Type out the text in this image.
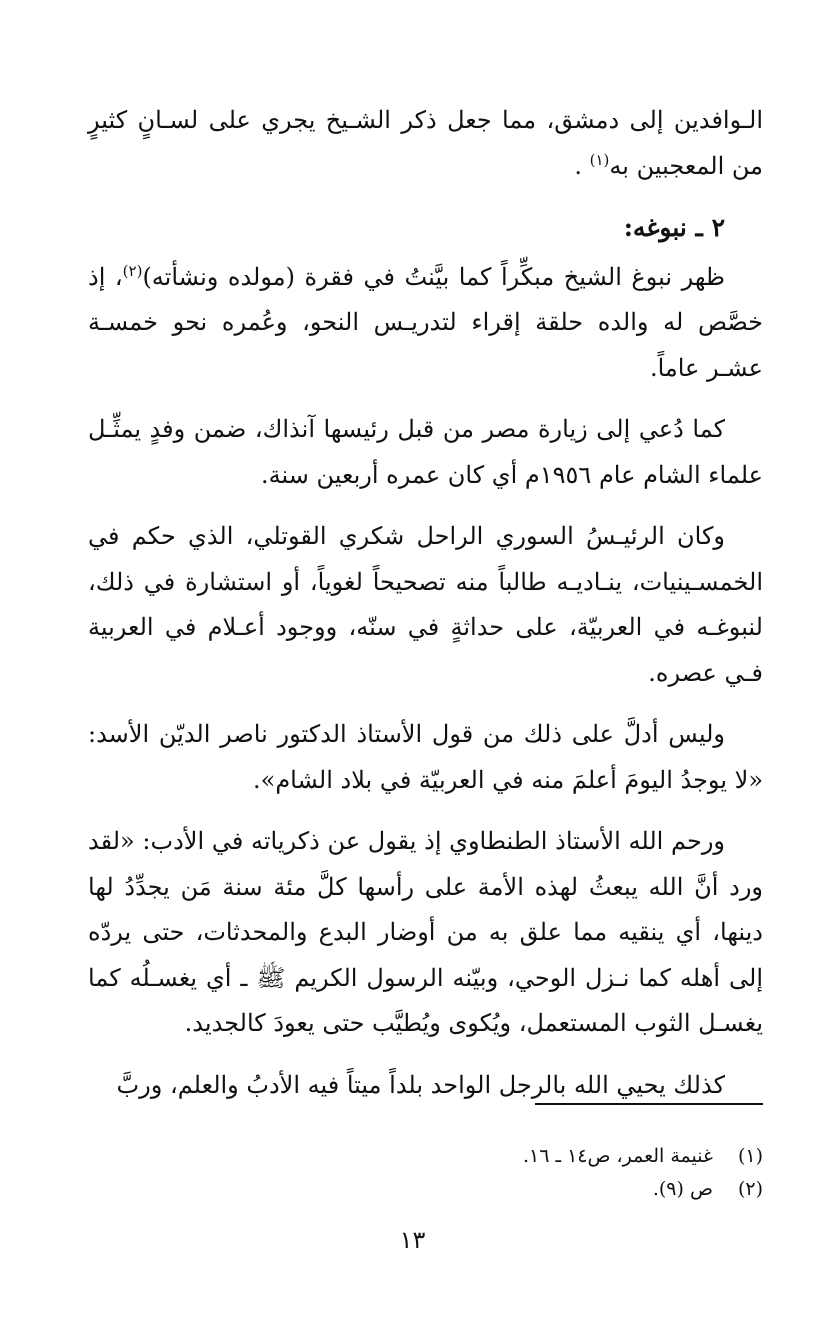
الـوافدين إلى دمشق، مما جعل ذكر الشـيخ يجري على لسـانٍ كثيرٍ من المعجبين به$^{(١)}$ .

٢ ـ نبوغه:

ظهر نبوغ الشيخ مبكِّراً كما بيَّنتُ في فقرة (مولده ونشأته)$^{(٢)}$، إذ خصَّص له والده حلقة إقراء لتدريـس النحو، وعُمره نحو خمسـة عشـر عاماً.

كما دُعي إلى زيارة مصر من قبل رئيسها آنذاك، ضمن وفدٍ يمثِّـل علماء الشام عام ١٩٥٦م أي كان عمره أربعين سنة.

وكان الرئيـسُ السوري الراحل شكري القوتلي، الذي حكم في الخمسـينيات، ينـاديـه طالباً منه تصحيحاً لغوياً، أو استشارة في ذلك، لنبوغـه في العربيّة، على حداثةٍ في سنّه، ووجود أعـلام في العربية فـي عصره.

وليس أدلَّ على ذلك من قول الأستاذ الدكتور ناصر الديّن الأسد: «لا يوجدُ اليومَ أعلمَ منه في العربيّة في بلاد الشام».

ورحم الله الأستاذ الطنطاوي إذ يقول عن ذكرياته في الأدب: «لقد ورد أنَّ الله يبعثُ لهذه الأمة على رأسها كلَّ مئة سنة مَن يجدِّدُ لها دينها، أي ينقيه مما علق به من أوضار البدع والمحدثات، حتى يردّه إلى أهله كما نـزل الوحي، وبيّنه الرسول الكريم ﷺ ـ أي يغسـلُه كما يغسـل الثوب المستعمل، ويُكوى ويُطيَّب حتى يعودَ كالجديد.

كذلك يحيي الله بالرجل الواحد بلداً ميتاً فيه الأدبُ والعلم، وربَّ

(١) غنيمة العمر، ص١٤ ـ ١٦.
(٢) ص (٩).
١٣
